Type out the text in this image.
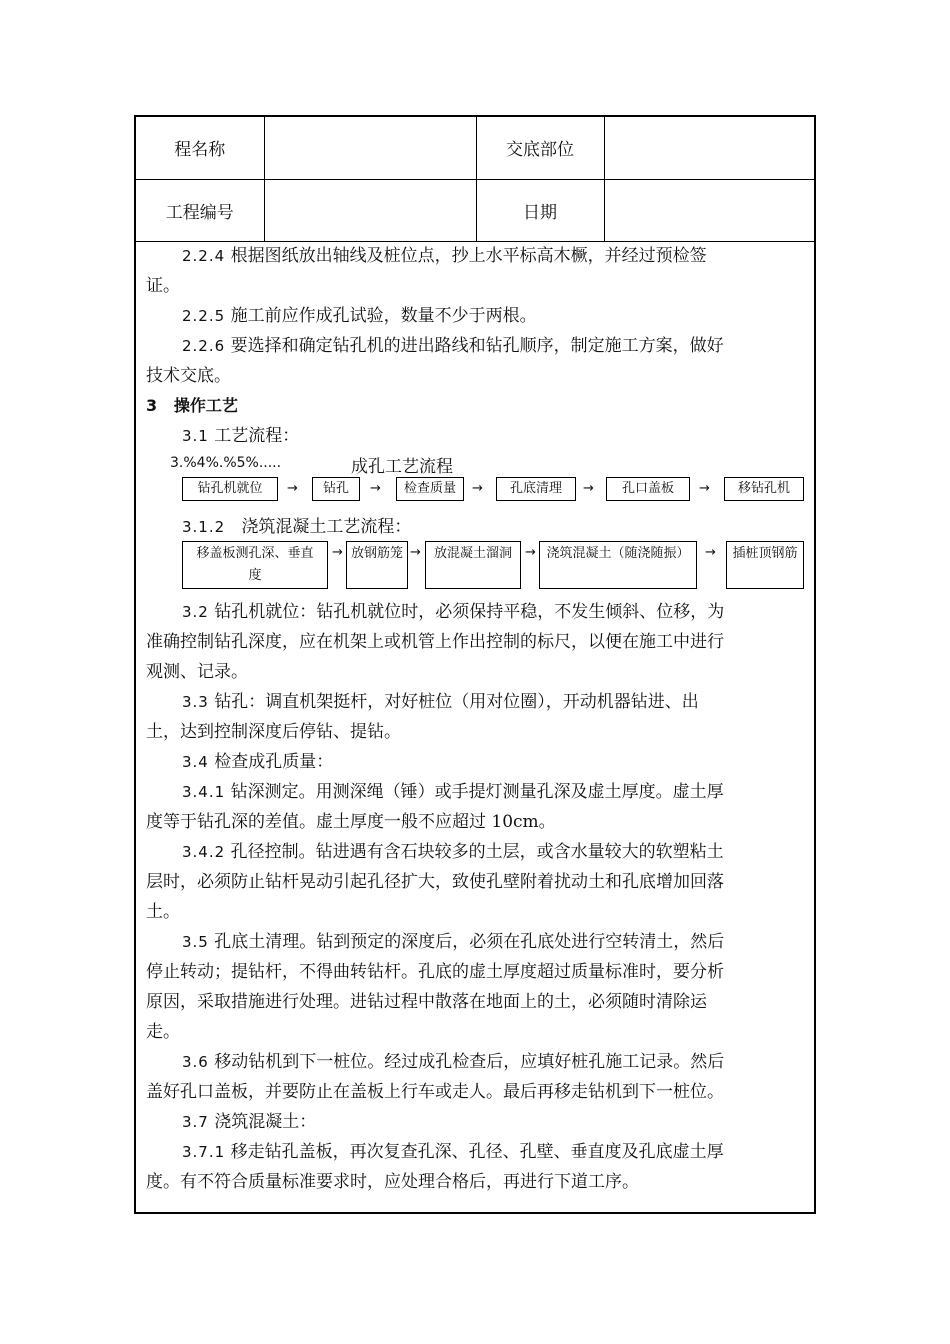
程名称		交底部位	
工程编号		日期	

2.2.4 根据图纸放出轴线及桩位点，抄上水平标高木橛，并经过预检签

证。

2.2.5 施工前应作成孔试验，数量不少于两根。

2.2.6 要选择和确定钻孔机的进出路线和钻孔顺序，制定施工方案，做好

技术交底。

3 操作工艺

3.1 工艺流程：

3.%4%.%5%.....	成孔工艺流程
钻孔机就位	→	钻孔	→	检查质量	→	孔底清理	→	孔口盖板	→	移钻孔机

3.1.2 浇筑混凝土工艺流程：

移盖板测孔深、垂直
度
→ 放钢筋笼 →	放混凝土溜洞	→ 浇筑混凝土（随浇随振）	→	插桩顶钢筋

3.2 钻孔机就位：钻孔机就位时，必须保持平稳，不发生倾斜、位移，为

准确控制钻孔深度，应在机架上或机管上作出控制的标尺，以便在施工中进行

观测、记录。

3.3 钻孔：调直机架挺杆，对好桩位（用对位圈），开动机器钻进、出

土，达到控制深度后停钻、提钻。

3.4 检查成孔质量：

3.4.1 钻深测定。用测深绳（锤）或手提灯测量孔深及虚土厚度。虚土厚

度等于钻孔深的差值。虚土厚度一般不应超过 10cm。

3.4.2 孔径控制。钻进遇有含石块较多的土层，或含水量较大的软塑粘土

层时，必须防止钻杆晃动引起孔径扩大，致使孔壁附着扰动土和孔底增加回落

土。

3.5 孔底土清理。钻到预定的深度后，必须在孔底处进行空转清土，然后

停止转动；提钻杆，不得曲转钻杆。孔底的虚土厚度超过质量标准时，要分析

原因，采取措施进行处理。进钻过程中散落在地面上的土，必须随时清除运

走。

3.6 移动钻机到下一桩位。经过成孔检查后，应填好桩孔施工记录。然后

盖好孔口盖板，并要防止在盖板上行车或走人。最后再移走钻机到下一桩位。

3.7 浇筑混凝土：

3.7.1 移走钻孔盖板，再次复查孔深、孔径、孔壁、垂直度及孔底虚土厚

度。有不符合质量标准要求时，应处理合格后，再进行下道工序。
